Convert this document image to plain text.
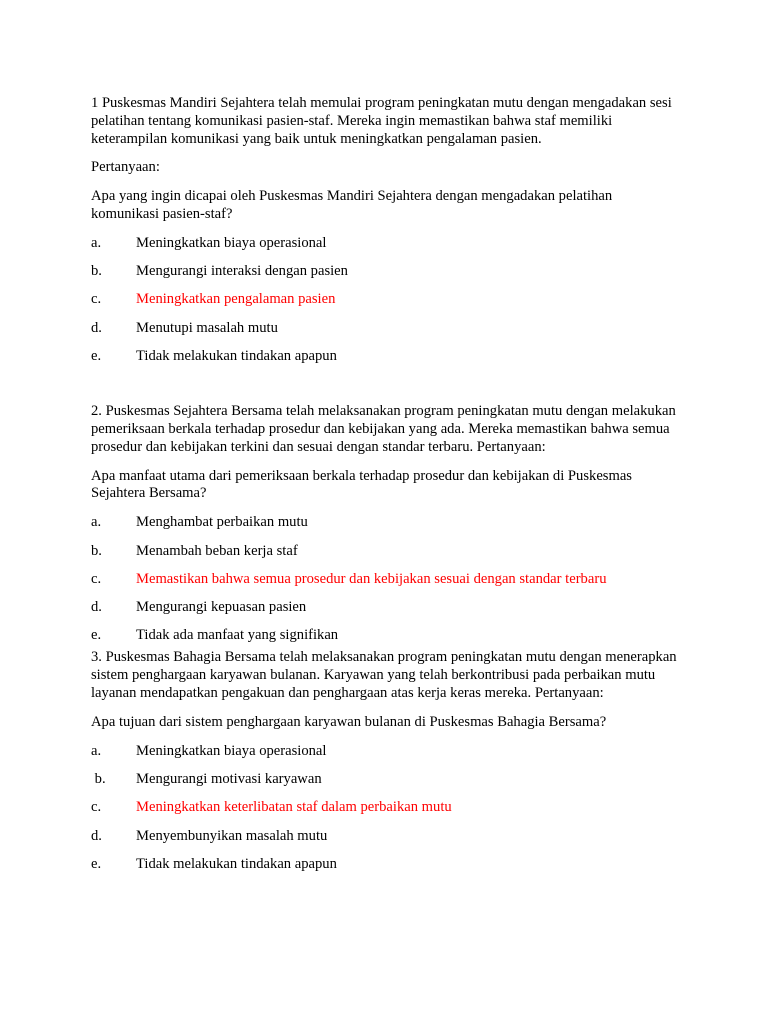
1 Puskesmas Mandiri Sejahtera telah memulai program peningkatan mutu dengan mengadakan sesi pelatihan tentang komunikasi pasien-staf. Mereka ingin memastikan bahwa staf memiliki keterampilan komunikasi yang baik untuk meningkatkan pengalaman pasien.

Pertanyaan:

Apa yang ingin dicapai oleh Puskesmas Mandiri Sejahtera dengan mengadakan pelatihan komunikasi pasien-staf?

a.	Meningkatkan biaya operasional
b.	Mengurangi interaksi dengan pasien
c.	Meningkatkan pengalaman pasien
d.	Menutupi masalah mutu
e.	Tidak melakukan tindakan apapun

2. Puskesmas Sejahtera Bersama telah melaksanakan program peningkatan mutu dengan melakukan pemeriksaan berkala terhadap prosedur dan kebijakan yang ada. Mereka memastikan bahwa semua prosedur dan kebijakan terkini dan sesuai dengan standar terbaru. Pertanyaan:

Apa manfaat utama dari pemeriksaan berkala terhadap prosedur dan kebijakan di Puskesmas Sejahtera Bersama?

a.	Menghambat perbaikan mutu
b.	Menambah beban kerja staf
c.	Memastikan bahwa semua prosedur dan kebijakan sesuai dengan standar terbaru
d.	Mengurangi kepuasan pasien
e.	Tidak ada manfaat yang signifikan

3. Puskesmas Bahagia Bersama telah melaksanakan program peningkatan mutu dengan menerapkan sistem penghargaan karyawan bulanan. Karyawan yang telah berkontribusi pada perbaikan mutu layanan mendapatkan pengakuan dan penghargaan atas kerja keras mereka. Pertanyaan:

Apa tujuan dari sistem penghargaan karyawan bulanan di Puskesmas Bahagia Bersama?

a.	Meningkatkan biaya operasional
b.	Mengurangi motivasi karyawan
c.	Meningkatkan keterlibatan staf dalam perbaikan mutu
d.	Menyembunyikan masalah mutu
e.	Tidak melakukan tindakan apapun
